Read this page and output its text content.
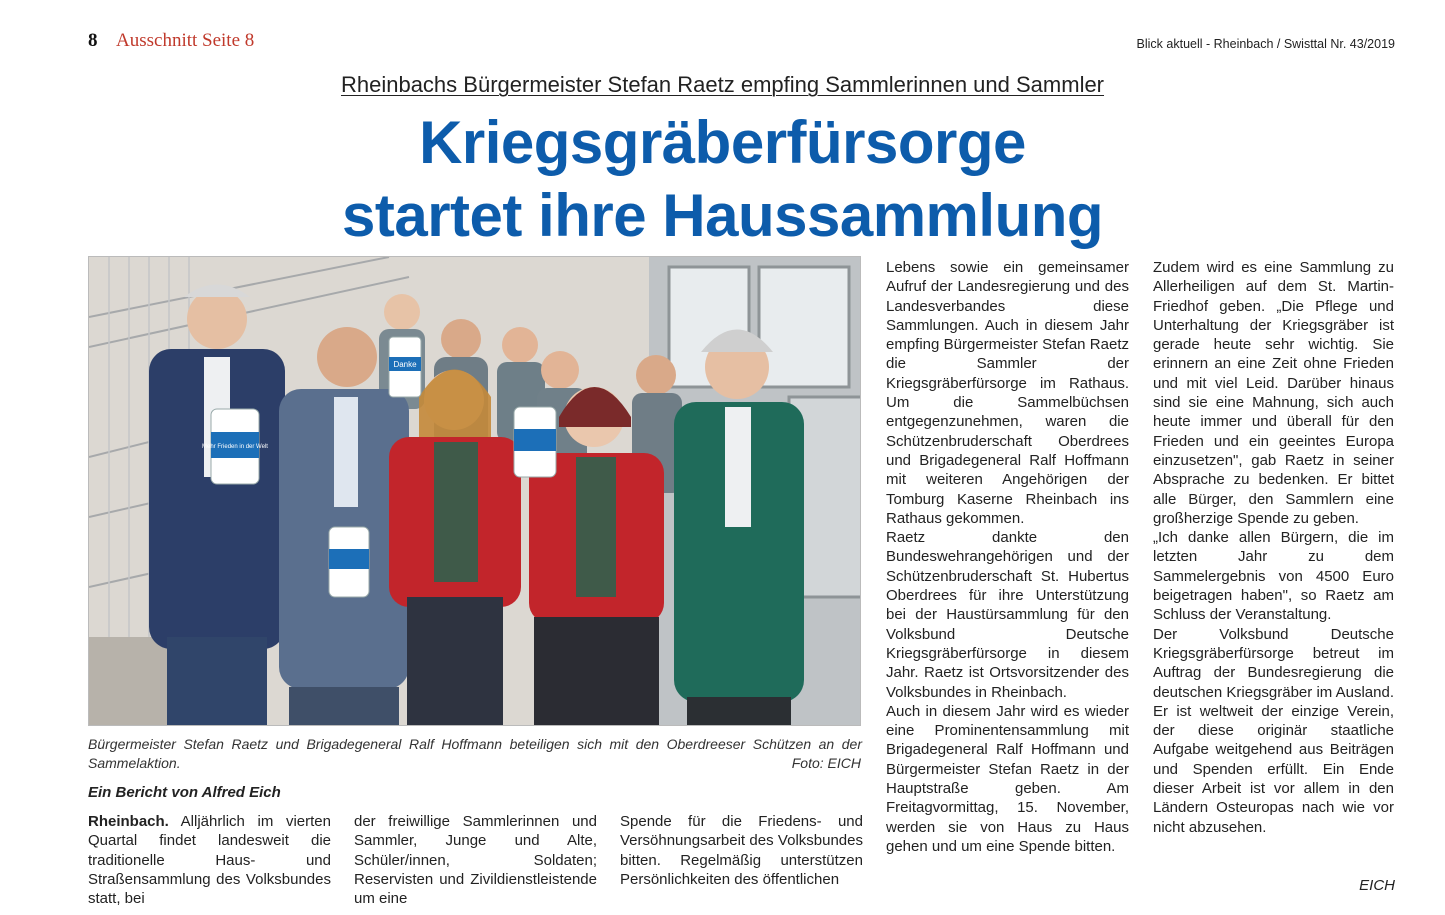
8 Ausschnitt Seite 8	Blick aktuell - Rheinbach / Swisttal Nr. 43/2019
Rheinbachs Bürgermeister Stefan Raetz empfing Sammlerinnen und Sammler
Kriegsgräberfürsorge
startet ihre Haussammlung
Danke
Mehr Frieden in der Welt
Bürgermeister Stefan Raetz und Brigadegeneral Ralf Hoffmann beteiligen sich mit den Oberdreeser Schützen an der Sammelaktion.	Foto: EICH
Ein Bericht von Alfred Eich

Rheinbach. Alljährlich im vierten Quartal findet landesweit die traditionelle Haus- und Straßensammlung des Volksbundes statt, bei

der freiwillige Sammlerinnen und Sammler, Junge und Alte, Schüler/innen, Soldaten; Reservisten und Zivildienstleistende um eine

Spende für die Friedens- und Versöhnungsarbeit des Volksbundes bitten. Regelmäßig unterstützen Persönlichkeiten des öffentlichen

Lebens sowie ein gemeinsamer Aufruf der Landesregierung und des Landesverbandes diese Sammlungen. Auch in diesem Jahr empfing Bürgermeister Stefan Raetz die Sammler der Kriegsgräberfürsorge im Rathaus. Um die Sammelbüchsen entgegenzunehmen, waren die Schützenbruderschaft Oberdrees und Brigadegeneral Ralf Hoffmann mit weiteren Angehörigen der Tomburg Kaserne Rheinbach ins Rathaus gekommen.

Raetz dankte den Bundeswehrangehörigen und der Schützenbruderschaft St. Hubertus Oberdrees für ihre Unterstützung bei der Haustürsammlung für den Volksbund Deutsche Kriegsgräberfürsorge in diesem Jahr. Raetz ist Ortsvorsitzender des Volksbundes in Rheinbach.

Auch in diesem Jahr wird es wieder eine Prominentensammlung mit Brigadegeneral Ralf Hoffmann und Bürgermeister Stefan Raetz in der Hauptstraße geben. Am Freitagvormittag, 15. November, werden sie von Haus zu Haus gehen und um eine Spende bitten.

Zudem wird es eine Sammlung zu Allerheiligen auf dem St. Martin-Friedhof geben. „Die Pflege und Unterhaltung der Kriegsgräber ist gerade heute sehr wichtig. Sie erinnern an eine Zeit ohne Frieden und mit viel Leid. Darüber hinaus sind sie eine Mahnung, sich auch heute immer und überall für den Frieden und ein geeintes Europa einzusetzen", gab Raetz in seiner Absprache zu bedenken. Er bittet alle Bürger, den Sammlern eine großherzige Spende zu geben.

„Ich danke allen Bürgern, die im letzten Jahr zu dem Sammelergebnis von 4500 Euro beigetragen haben", so Raetz am Schluss der Veranstaltung.

Der Volksbund Deutsche Kriegsgräberfürsorge betreut im Auftrag der Bundesregierung die deutschen Kriegsgräber im Ausland. Er ist weltweit der einzige Verein, der diese originär staatliche Aufgabe weitgehend aus Beiträgen und Spenden erfüllt. Ein Ende dieser Arbeit ist vor allem in den Ländern Osteuropas nach wie vor nicht abzusehen.

EICH
